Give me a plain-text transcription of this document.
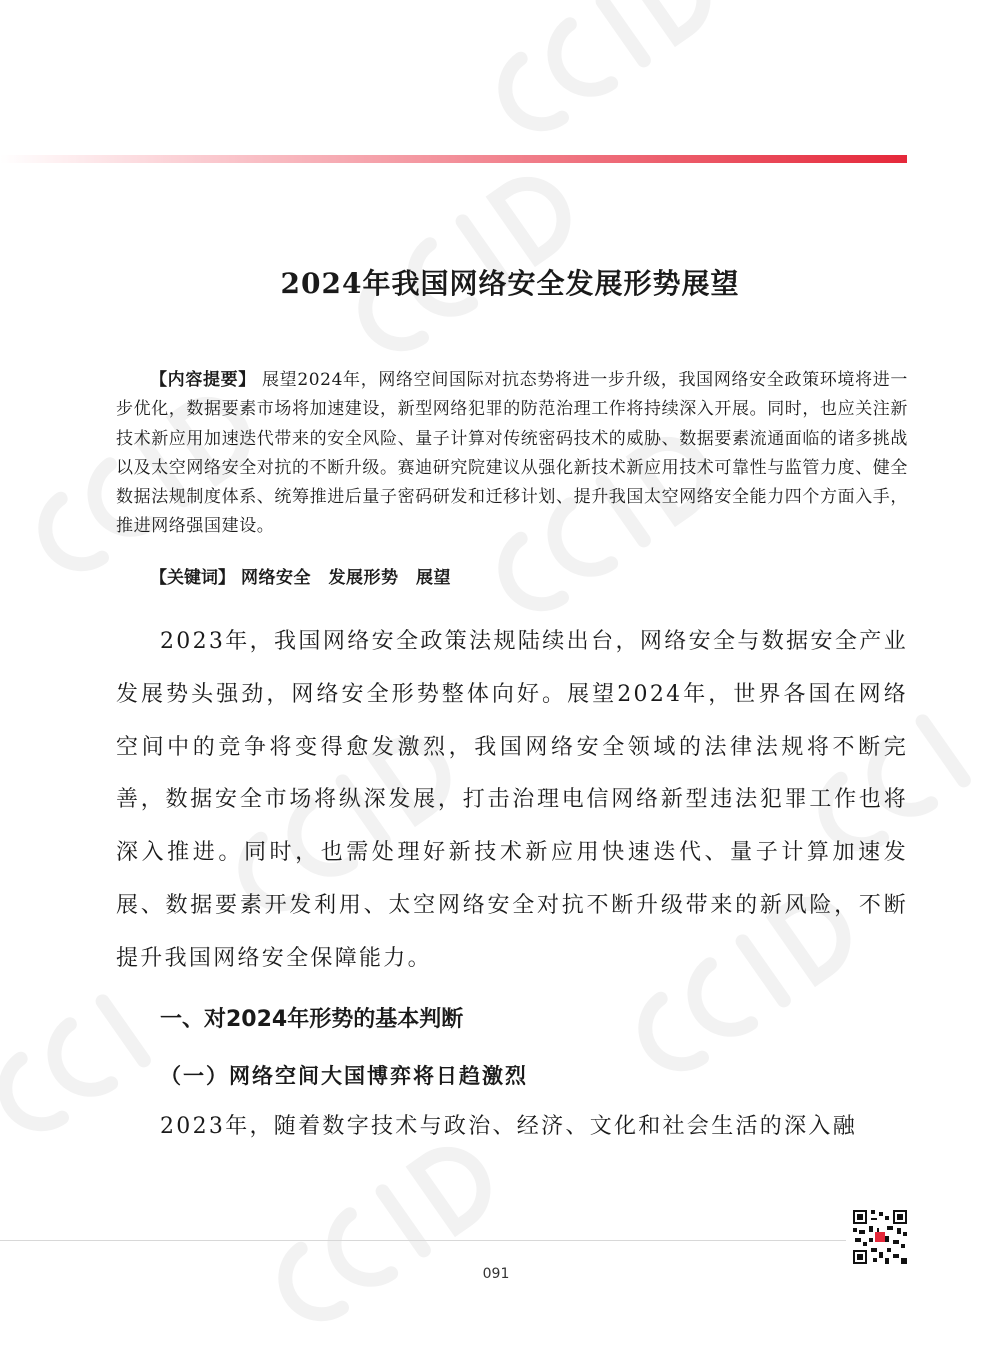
2024年我国网络安全发展形势展望

【内容提要】 展望2024年，网络空间国际对抗态势将进一步升级，我国网络安全政策环境将进一步优化，数据要素市场将加速建设，新型网络犯罪的防范治理工作将持续深入开展。同时，也应关注新技术新应用加速迭代带来的安全风险、量子计算对传统密码技术的威胁、数据要素流通面临的诸多挑战以及太空网络安全对抗的不断升级。赛迪研究院建议从强化新技术新应用技术可靠性与监管力度、健全数据法规制度体系、统筹推进后量子密码研发和迁移计划、提升我国太空网络安全能力四个方面入手，推进网络强国建设。

【关键词】 网络安全　发展形势　展望

2023年，我国网络安全政策法规陆续出台，网络安全与数据安全产业发展势头强劲，网络安全形势整体向好。展望2024年，世界各国在网络空间中的竞争将变得愈发激烈，我国网络安全领域的法律法规将不断完善，数据安全市场将纵深发展，打击治理电信网络新型违法犯罪工作也将深入推进。同时，也需处理好新技术新应用快速迭代、量子计算加速发展、数据要素开发利用、太空网络安全对抗不断升级带来的新风险，不断提升我国网络安全保障能力。

一、对2024年形势的基本判断
（一）网络空间大国博弈将日趋激烈

2023年，随着数字技术与政治、经济、文化和社会生活的深入融

091
